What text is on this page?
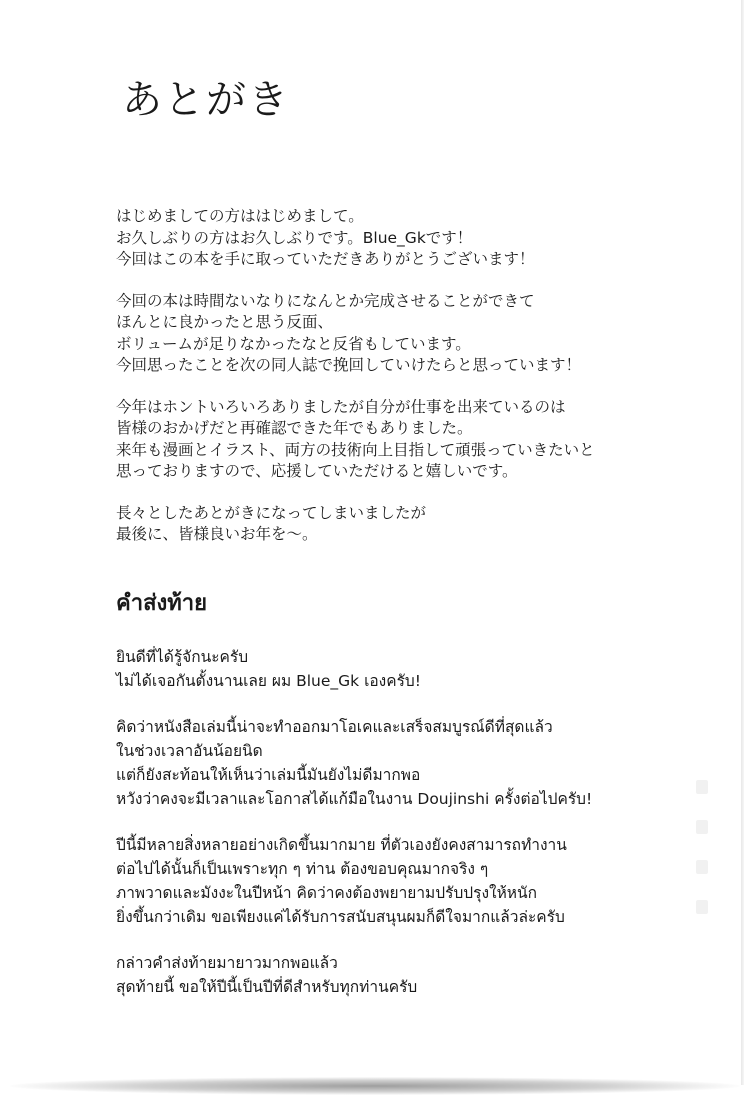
あとがき

はじめましての方ははじめまして。
お久しぶりの方はお久しぶりです。Blue_Gkです！
今回はこの本を手に取っていただきありがとうございます！

今回の本は時間ないなりになんとか完成させることができて
ほんとに良かったと思う反面、
ボリュームが足りなかったなと反省もしています。
今回思ったことを次の同人誌で挽回していけたらと思っています！

今年はホントいろいろありましたが自分が仕事を出来ているのは
皆様のおかげだと再確認できた年でもありました。
来年も漫画とイラスト、両方の技術向上目指して頑張っていきたいと
思っておりますので、応援していただけると嬉しいです。

長々としたあとがきになってしまいましたが
最後に、皆様良いお年を～。

คำส่งท้าย

ยินดีที่ได้รู้จักนะครับ
ไม่ได้เจอกันตั้งนานเลย ผม Blue_Gk เองครับ!

คิดว่าหนังสือเล่มนี้น่าจะทำออกมาโอเคและเสร็จสมบูรณ์ดีที่สุดแล้ว
ในช่วงเวลาอันน้อยนิด
แต่ก็ยังสะท้อนให้เห็นว่าเล่มนี้มันยังไม่ดีมากพอ
หวังว่าคงจะมีเวลาและโอกาสได้แก้มือในงาน Doujinshi ครั้งต่อไปครับ!

ปีนี้มีหลายสิ่งหลายอย่างเกิดขึ้นมากมาย ที่ตัวเองยังคงสามารถทำงาน
ต่อไปได้นั้นก็เป็นเพราะทุก ๆ ท่าน ต้องขอบคุณมากจริง ๆ
ภาพวาดและมังงะในปีหน้า คิดว่าคงต้องพยายามปรับปรุงให้หนัก
ยิ่งขึ้นกว่าเดิม ขอเพียงแค่ได้รับการสนับสนุนผมก็ดีใจมากแล้วล่ะครับ

กล่าวคำส่งท้ายมายาวมากพอแล้ว
สุดท้ายนี้ ขอให้ปีนี้เป็นปีที่ดีสำหรับทุกท่านครับ
